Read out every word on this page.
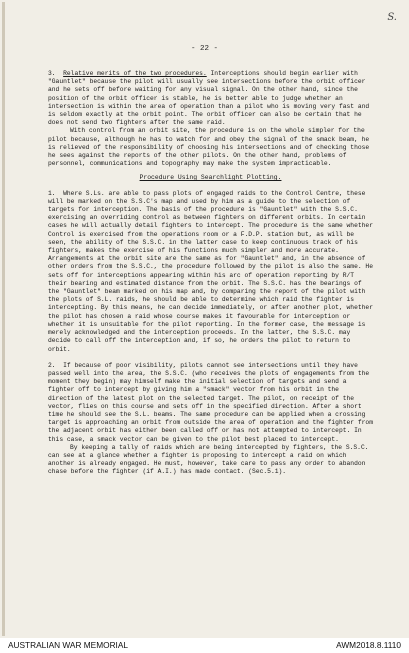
S.
- 22 -

3. Relative merits of the two procedures. Interceptions should begin earlier with "Gauntlet" because the pilot will usually see intersections before the orbit officer and he sets off before waiting for any visual signal. On the other hand, since the position of the orbit officer is stable, he is better able to judge whether an intersection is within the area of operation than a pilot who is moving very fast and is seldom exactly at the orbit point. The orbit officer can also be certain that he does not send two fighters after the same raid.

With control from an orbit site, the procedure is on the whole simpler for the pilot because, although he has to watch for and obey the signal of the smack beam, he is relieved of the responsibility of choosing his intersections and of checking those he sees against the reports of the other pilots. On the other hand, problems of personnel, communications and topography may make the system impracticable.

Procedure Using Searchlight Plotting.

1. Where S.Ls. are able to pass plots of engaged raids to the Control Centre, these will be marked on the S.S.C's map and used by him as a guide to the selection of targets for interception. The basis of the procedure is "Gauntlet" with the S.S.C. exercising an overriding control as between fighters on different orbits. In certain cases he will actually detail fighters to intercept. The procedure is the same whether Control is exercised from the operations room or a F.D.P. station but, as will be seen, the ability of the S.S.C. in the latter case to keep continuous track of his fighters, makes the exercise of his functions much simpler and more accurate. Arrangements at the orbit site are the same as for "Gauntlet" and, in the absence of other orders from the S.S.C., the procedure followed by the pilot is also the same. He sets off for interceptions appearing within his arc of operation reporting by R/T their bearing and estimated distance from the orbit. The S.S.C. has the bearings of the "Gauntlet" beam marked on his map and, by comparing the report of the pilot with the plots of S.L. raids, he should be able to determine which raid the fighter is intercepting. By this means, he can decide immediately, or after another plot, whether the pilot has chosen a raid whose course makes it favourable for interception or whether it is unsuitable for the pilot reporting. In the former case, the message is merely acknowledged and the interception proceeds. In the latter, the S.S.C. may decide to call off the interception and, if so, he orders the pilot to return to orbit.

2. If because of poor visibility, pilots cannot see intersections until they have passed well into the area, the S.S.C. (who receives the plots of engagements from the moment they begin) may himself make the initial selection of targets and send a fighter off to intercept by giving him a "smack" vector from his orbit in the direction of the latest plot on the selected target. The pilot, on receipt of the vector, flies on this course and sets off in the specified direction. After a short time he should see the S.L. beams. The same procedure can be applied when a crossing target is approaching an orbit from outside the area of operation and the fighter from the adjacent orbit has either been called off or has not attempted to intercept. In this case, a smack vector can be given to the pilot best placed to intercept.

By keeping a tally of raids which are being intercepted by fighters, the S.S.C. can see at a glance whether a fighter is proposing to intercept a raid on which another is already engaged. He must, however, take care to pass any order to abandon chase before the fighter (if A.I.) has made contact. (Sec.5.1).

AUSTRALIAN WAR MEMORIAL	AWM2018.8.1110
